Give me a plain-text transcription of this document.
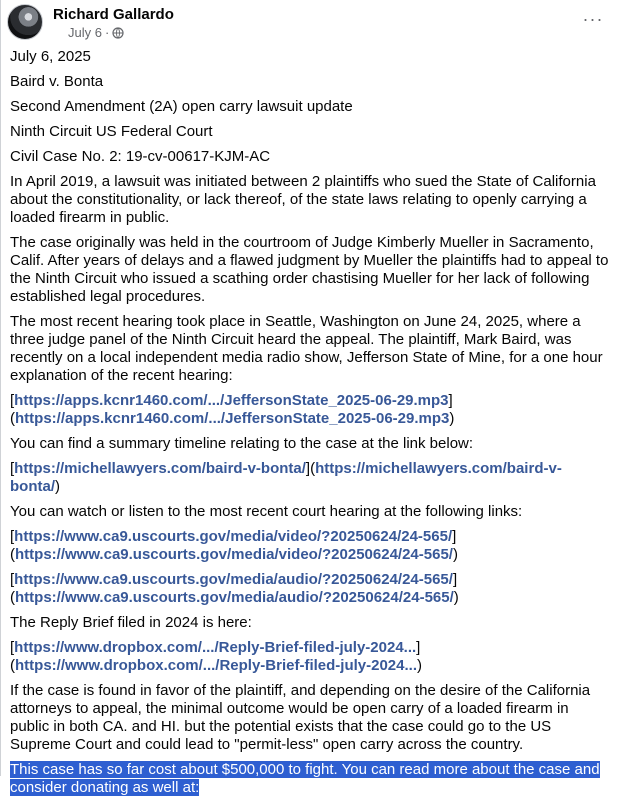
Richard Gallardo
July 6 ·
···

July 6, 2025

Baird v. Bonta

Second Amendment (2A) open carry lawsuit update

Ninth Circuit US Federal Court

Civil Case No. 2: 19-cv-00617-KJM-AC

In April 2019, a lawsuit was initiated between 2 plaintiffs who sued the State of California about the constitutionality, or lack thereof, of the state laws relating to openly carrying a loaded firearm in public.

The case originally was held in the courtroom of Judge Kimberly Mueller in Sacramento, Calif. After years of delays and a flawed judgment by Mueller the plaintiffs had to appeal to the Ninth Circuit who issued a scathing order chastising Mueller for her lack of following established legal procedures.

The most recent hearing took place in Seattle, Washington on June 24, 2025, where a three judge panel of the Ninth Circuit heard the appeal. The plaintiff, Mark Baird, was recently on a local independent media radio show, Jefferson State of Mine, for a one hour explanation of the recent hearing:

[https://apps.kcnr1460.com/.../JeffersonState_2025-06-29.mp3]
(https://apps.kcnr1460.com/.../JeffersonState_2025-06-29.mp3)

You can find a summary timeline relating to the case at the link below:

[https://michellawyers.com/baird-v-bonta/](https://michellawyers.com/baird-v-bonta/)

You can watch or listen to the most recent court hearing at the following links:

[https://www.ca9.uscourts.gov/media/video/?20250624/24-565/]
(https://www.ca9.uscourts.gov/media/video/?20250624/24-565/)

[https://www.ca9.uscourts.gov/media/audio/?20250624/24-565/]
(https://www.ca9.uscourts.gov/media/audio/?20250624/24-565/)

The Reply Brief filed in 2024 is here:

[https://www.dropbox.com/.../Reply-Brief-filed-july-2024...]
(https://www.dropbox.com/.../Reply-Brief-filed-july-2024...)

If the case is found in favor of the plaintiff, and depending on the desire of the California attorneys to appeal, the minimal outcome would be open carry of a loaded firearm in public in both CA. and HI. but the potential exists that the case could go to the US Supreme Court and could lead to "permit-less" open carry across the country.

This case has so far cost about $500,000 to fight. You can read more about the case and consider donating as well at:
